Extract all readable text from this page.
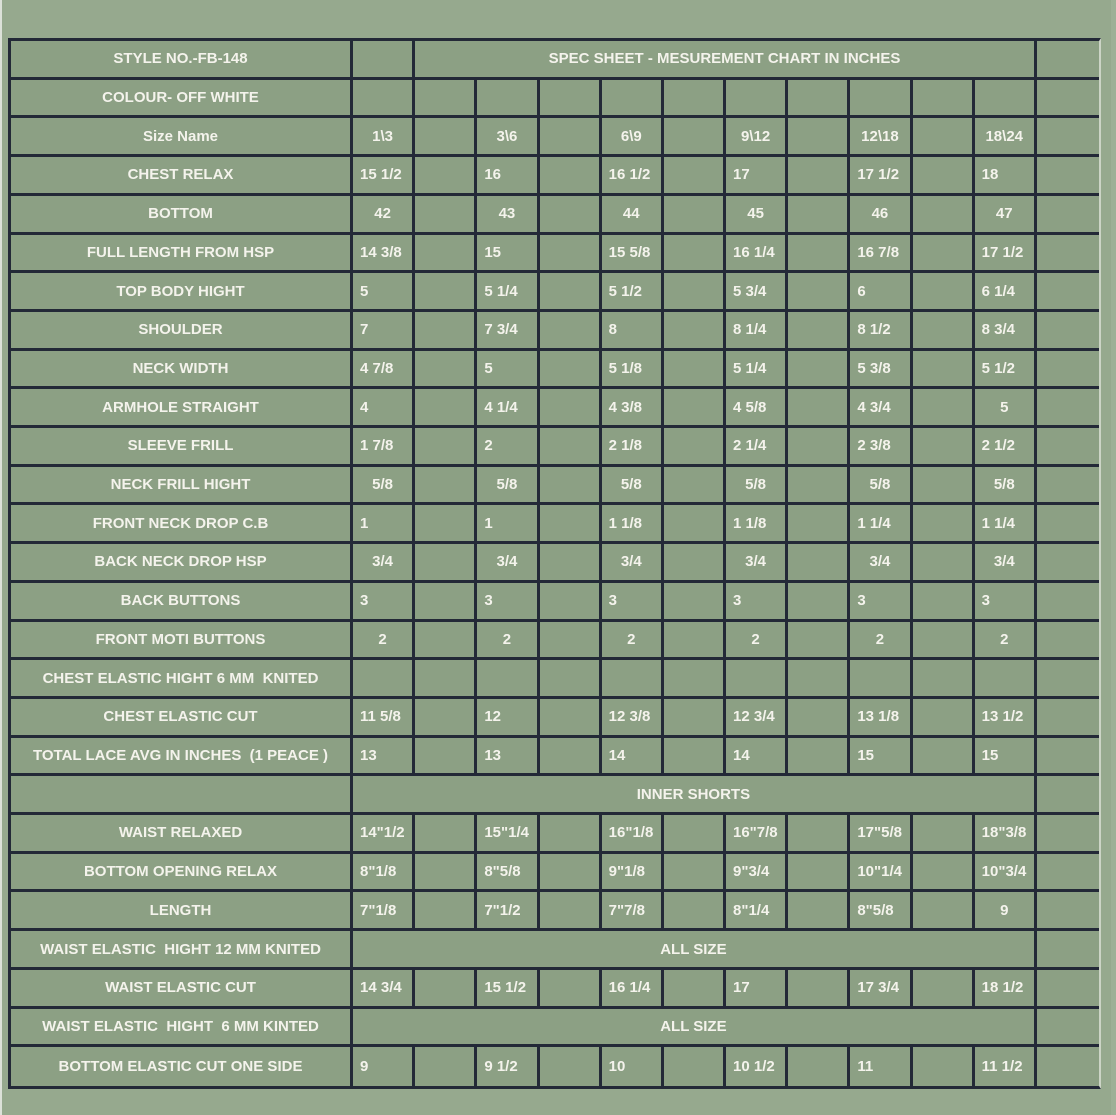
STYLE NO.-FB-148	SPEC SHEET - MESUREMENT CHART IN INCHES
COLOUR- OFF WHITE
Size Name	1\3	3\6	6\9	9\12	12\18	18\24
CHEST RELAX	15 1/2	16	16 1/2	17	17 1/2	18
BOTTOM	42	43	44	45	46	47
FULL LENGTH FROM HSP	14 3/8	15	15 5/8	16 1/4	16 7/8	17 1/2
TOP BODY HIGHT	5	5 1/4	5 1/2	5 3/4	6	6 1/4
SHOULDER	7	7 3/4	8	8 1/4	8 1/2	8 3/4
NECK WIDTH	4 7/8	5	5 1/8	5 1/4	5 3/8	5 1/2
ARMHOLE STRAIGHT	4	4 1/4	4 3/8	4 5/8	4 3/4	5
SLEEVE FRILL	1 7/8	2	2 1/8	2 1/4	2 3/8	2 1/2
NECK FRILL HIGHT	5/8	5/8	5/8	5/8	5/8	5/8
FRONT NECK DROP C.B	1	1	1 1/8	1 1/8	1 1/4	1 1/4
BACK NECK DROP HSP	3/4	3/4	3/4	3/4	3/4	3/4
BACK BUTTONS	3	3	3	3	3	3
FRONT MOTI BUTTONS	2	2	2	2	2	2
CHEST ELASTIC HIGHT 6 MM  KNITED
CHEST ELASTIC CUT	11 5/8	12	12 3/8	12 3/4	13 1/8	13 1/2
TOTAL LACE AVG IN INCHES  (1 PEACE )	13	13	14	14	15	15
INNER SHORTS
WAIST RELAXED	14"1/2	15"1/4	16"1/8	16"7/8	17"5/8	18"3/8
BOTTOM OPENING RELAX	8"1/8	8"5/8	9"1/8	9"3/4	10"1/4	10"3/4
LENGTH	7"1/8	7"1/2	7"7/8	8"1/4	8"5/8	9
WAIST ELASTIC  HIGHT 12 MM KNITED	ALL SIZE
WAIST ELASTIC CUT	14 3/4	15 1/2	16 1/4	17	17 3/4	18 1/2
WAIST ELASTIC  HIGHT  6 MM KINTED	ALL SIZE
BOTTOM ELASTIC CUT ONE SIDE	9	9 1/2	10	10 1/2	11	11 1/2
